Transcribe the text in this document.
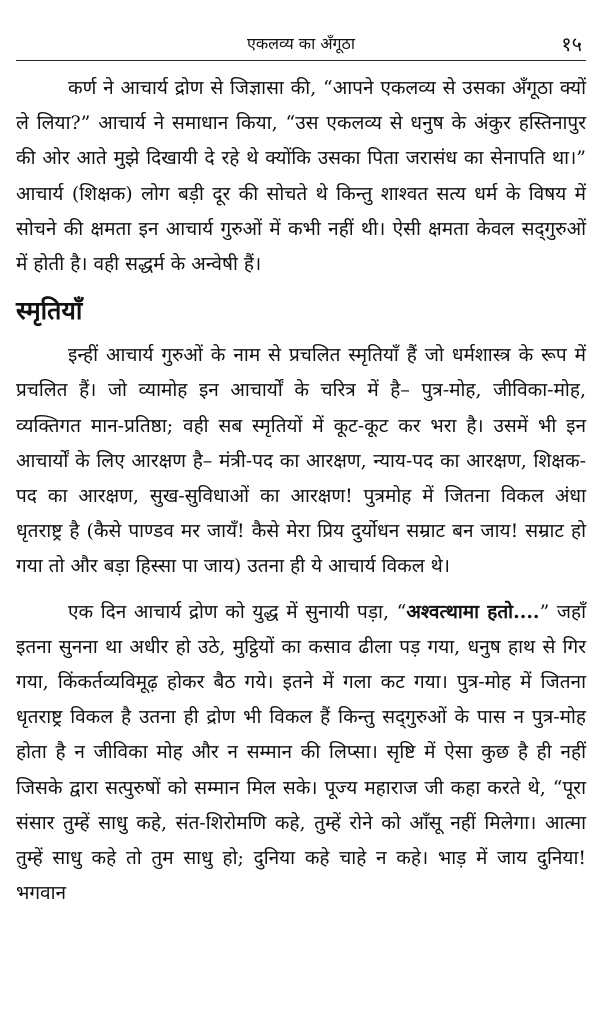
एकलव्य का अँगूठा	१५

कर्ण ने आचार्य द्रोण से जिज्ञासा की, “आपने एकलव्य से उसका अँगूठा क्यों ले लिया?” आचार्य ने समाधान किया, “उस एकलव्य से धनुष के अंकुर हस्तिनापुर की ओर आते मुझे दिखायी दे रहे थे क्योंकि उसका पिता जरासंध का सेनापति था।” आचार्य (शिक्षक) लोग बड़ी दूर की सोचते थे किन्तु शाश्वत सत्य धर्म के विषय में सोचने की क्षमता इन आचार्य गुरुओं में कभी नहीं थी। ऐसी क्षमता केवल सद्‌गुरुओं में होती है। वही सद्धर्म के अन्वेषी हैं।

स्मृतियाँ

इन्हीं आचार्य गुरुओं के नाम से प्रचलित स्मृतियाँ हैं जो धर्मशास्त्र के रूप में प्रचलित हैं। जो व्यामोह इन आचार्यों के चरित्र में है– पुत्र-मोह, जीविका-मोह, व्यक्तिगत मान-प्रतिष्ठा; वही सब स्मृतियों में कूट-कूट कर भरा है। उसमें भी इन आचार्यों के लिए आरक्षण है– मंत्री-पद का आरक्षण, न्याय-पद का आरक्षण, शिक्षक-पद का आरक्षण, सुख-सुविधाओं का आरक्षण! पुत्रमोह में जितना विकल अंधा धृतराष्ट्र है (कैसे पाण्डव मर जायँ! कैसे मेरा प्रिय दुर्योधन सम्राट बन जाय! सम्राट हो गया तो और बड़ा हिस्सा पा जाय) उतना ही ये आचार्य विकल थे।

एक दिन आचार्य द्रोण को युद्ध में सुनायी पड़ा, “अश्वत्थामा हतो....” जहाँ इतना सुनना था अधीर हो उठे, मुट्ठियों का कसाव ढीला पड़ गया, धनुष हाथ से गिर गया, किंकर्तव्यविमूढ़ होकर बैठ गये। इतने में गला कट गया। पुत्र-मोह में जितना धृतराष्ट्र विकल है उतना ही द्रोण भी विकल हैं किन्तु सद्‌गुरुओं के पास न पुत्र-मोह होता है न जीविका मोह और न सम्मान की लिप्सा। सृष्टि में ऐसा कुछ है ही नहीं जिसके द्वारा सत्पुरुषों को सम्मान मिल सके। पूज्य महाराज जी कहा करते थे, “पूरा संसार तुम्हें साधु कहे, संत-शिरोमणि कहे, तुम्हें रोने को आँसू नहीं मिलेगा। आत्मा तुम्हें साधु कहे तो तुम साधु हो; दुनिया कहे चाहे न कहे। भाड़ में जाय दुनिया! भगवान
